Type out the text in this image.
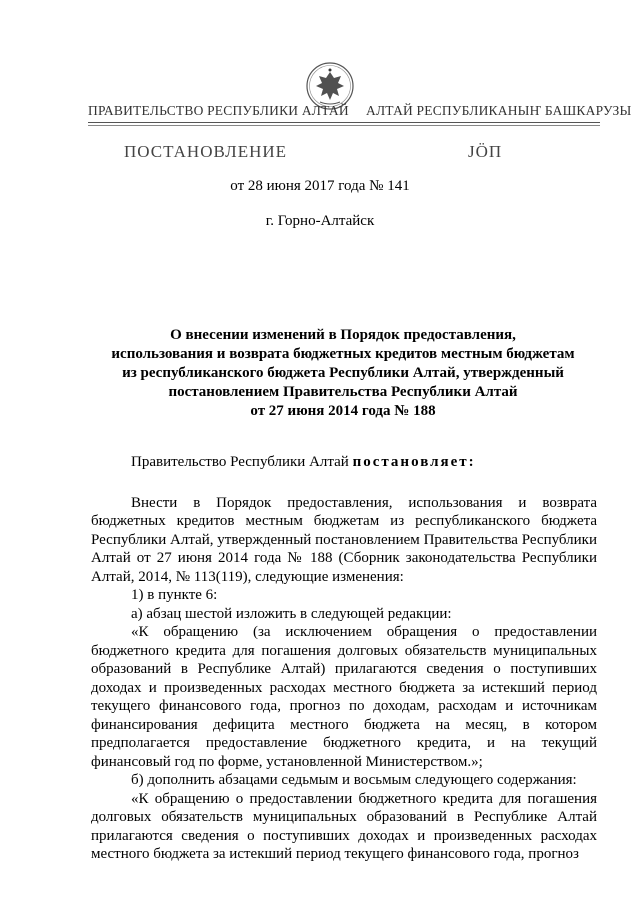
ПРАВИТЕЛЬСТВО РЕСПУБЛИКИ АЛТАЙ АЛТАЙ РЕСПУБЛИКАНЫҤ БАШКАРУЗЫ
ПОСТАНОВЛЕНИЕ	JӦП
от 28 июня 2017 года № 141
г. Горно-Алтайск
О внесении изменений в Порядок предоставления,
использования и возврата бюджетных кредитов местным бюджетам
из республиканского бюджета Республики Алтай, утвержденный
постановлением Правительства Республики Алтай
от 27 июня 2014 года № 188

Правительство Республики Алтай постановляет:

Внести в Порядок предоставления, использования и возврата бюджетных кредитов местным бюджетам из республиканского бюджета Республики Алтай, утвержденный постановлением Правительства Республики Алтай от 27 июня 2014 года № 188 (Сборник законодательства Республики Алтай, 2014, № 113(119), следующие изменения:

1) в пункте 6:

а) абзац шестой изложить в следующей редакции:

«К обращению (за исключением обращения о предоставлении бюджетного кредита для погашения долговых обязательств муниципальных образований в Республике Алтай) прилагаются сведения о поступивших доходах и произведенных расходах местного бюджета за истекший период текущего финансового года, прогноз по доходам, расходам и источникам финансирования дефицита местного бюджета на месяц, в котором предполагается предоставление бюджетного кредита, и на текущий финансовый год по форме, установленной Министерством.»;

б) дополнить абзацами седьмым и восьмым следующего содержания:

«К обращению о предоставлении бюджетного кредита для погашения долговых обязательств муниципальных образований в Республике Алтай прилагаются сведения о поступивших доходах и произведенных расходах местного бюджета за истекший период текущего финансового года, прогноз
